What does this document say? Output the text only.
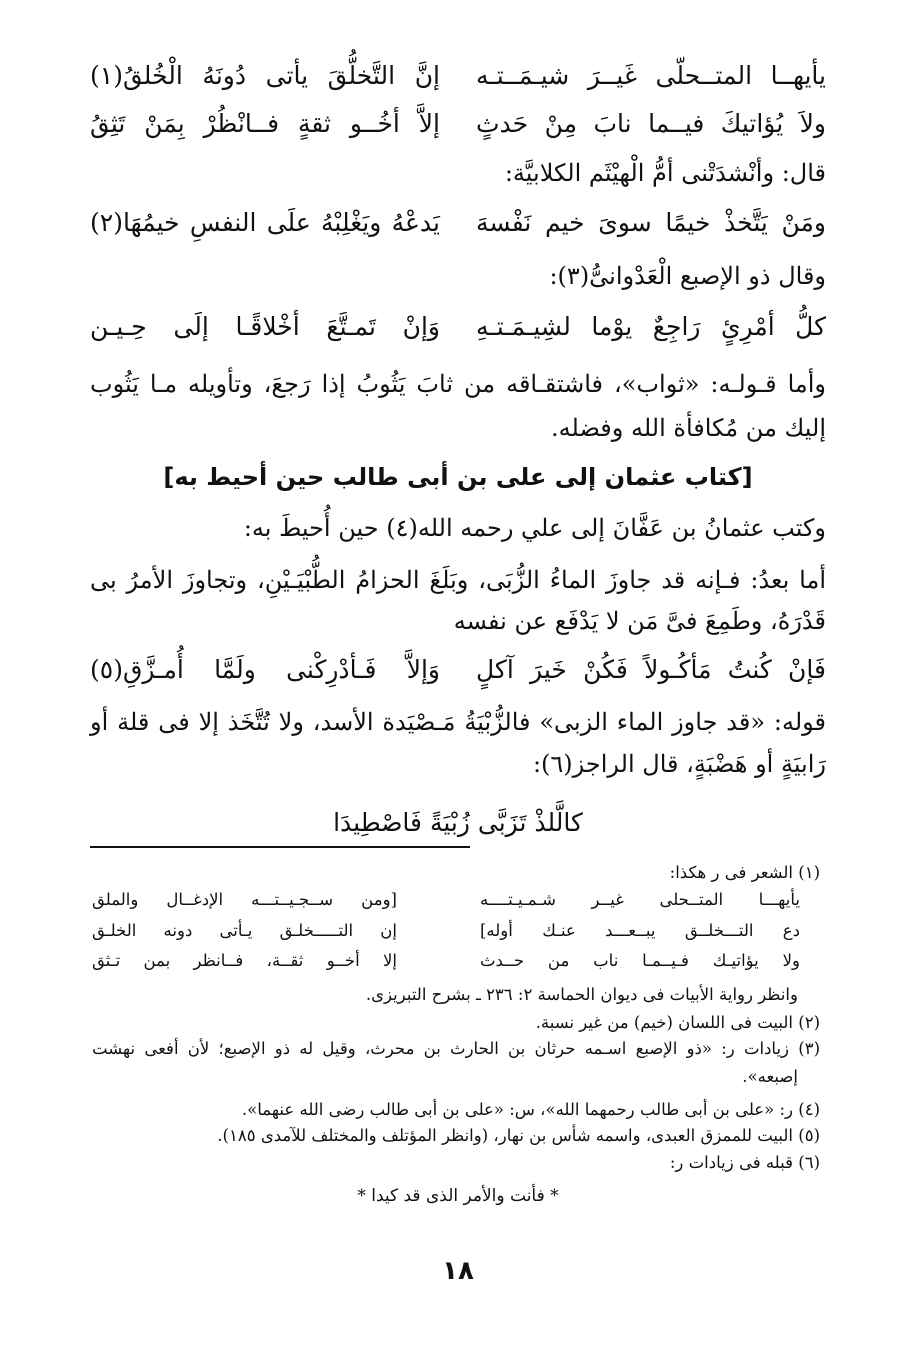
يأيهــا المتــحلّى غَيــرَ شيـمَــتـه
إنَّ التَّخلُّقَ يأتى دُونَهُ الْخُلقُ(١)
ولاَ يُؤاتيكَ فيــما نابَ مِنْ حَدثٍ
إلاَّ أخُــو ثقةٍ فــانْظُرْ بِمَنْ تَثِقُ
قال: وأنْشدَتْنى أمُّ الْهيْثَم الكلابيَّة:
ومَنْ يَتَّخذْ خيمًا سوىَ خيم نَفْسهَ
يَدعْهُ ويَغْلِبْهُ علَى النفسِ خيمُهَا(٢)
وقال ذو الإصبع الْعَدْوانىُّ(٣):
كلُّ أمْرِئٍ رَاجِعٌ يوْما لشِيـمَـتـهِ
وَإنْ تَمـتَّعَ أخْلاقًـا إلَى حِـيـن
وأما قـولـه: «ثواب»، فاشتقـاقه من ثابَ يَثُوبُ إذا رَجعَ، وتأويله مـا يَثُوب
إليك من مُكافأة الله وفضله.
[كتاب عثمان إلى على بن أبى طالب حين أحيط به]
وكتب عثمانُ بن عَفَّانَ إلى علي رحمه الله(٤) حين أُحيطَ به:
أما بعدُ: فـإنه قد جاوزَ الماءُ الزُّبَى، وبَلَغَ الحزامُ الطُّبْيَـيْنِ، وتجاوزَ الأمرُ بى
قَدْرَهُ، وطَمِعَ فىَّ مَن لا يَدْفَع عن نفسه
فَإنْ كُنتُ مَأكُـولاً فَكُنْ خَيرَ آكلٍ
وَإلاَّ فَـأدْرِكْنى ولَمَّا أُمـزَّقِ(٥)
قوله: «قد جاوز الماء الزبى» فالزُّبْيَةُ مَـصْيَدة الأسد، ولا تُتَّخَذ إلا فى قلة أو
رَابيَةٍ أو هَضْبَةٍ، قال الراجز(٦):
كالَّلذْ تَزَبَّى زُبْيَةً فَاصْطِيدَا
(١) الشعر فى ر هكذا:
يأيهـــا المتــحلى غيــر شـمـيـتــــه
[ومن ســجـيــتـــه الإدغــال والملق
دع التـــخلــق يبــعـــد عنـك أوله]
إن التـــــخلـق يـأتى دونه الخلـق
ولا يؤاتيـك فـيــمـا ناب من حــدث
إلا أخــو ثقــة، فــانظر بمن تـثق
وانظر رواية الأبيات فى ديوان الحماسة ٢: ٢٣٦ ـ بشرح التبريزى.
(٢) البيت فى اللسان (خيم) من غير نسبة.
(٣) زيادات ر: «ذو الإصبع اسـمه حرثان بن الحارث بن محرث، وقيل له ذو الإصبع؛ لأن أفعى نهشت
إصبعه».
(٤) ر: «على بن أبى طالب رحمهما الله»، س: «على بن أبى طالب رضى الله عنهما».
(٥) البيت للممزق العبدى، واسمه شأس بن نهار، (وانظر المؤتلف والمختلف للآمدى ١٨٥).
(٦) قبله فى زيادات ر:
* فأنت والأمر الذى قد كيدا *
١٨
